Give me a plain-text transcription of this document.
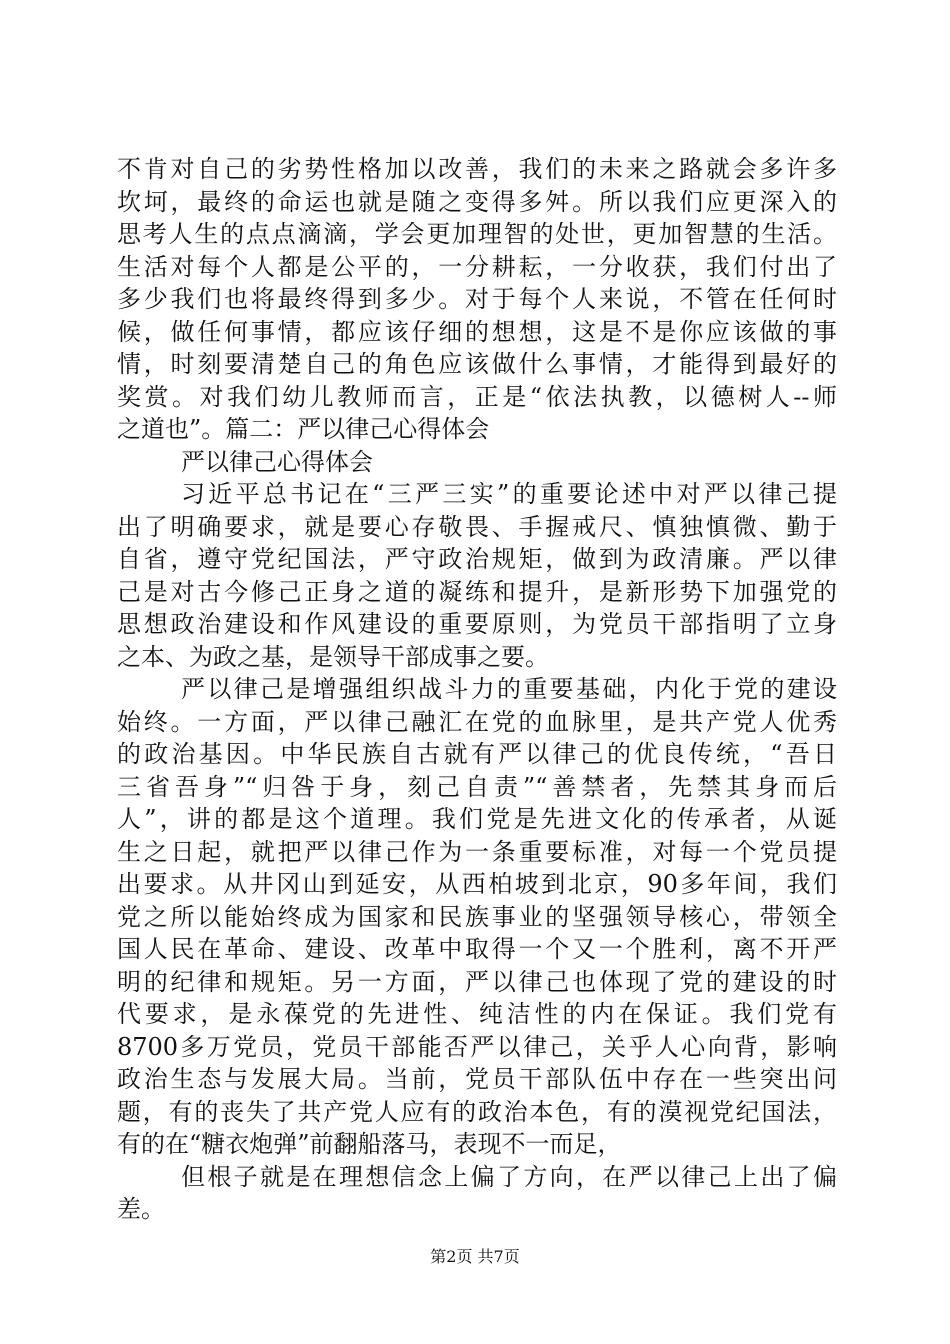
不肯对自己的劣势性格加以改善，我们的未来之路就会多许多
坎坷，最终的命运也就是随之变得多舛。所以我们应更深入的
思考人生的点点滴滴，学会更加理智的处世，更加智慧的生活。
生活对每个人都是公平的，一分耕耘，一分收获，我们付出了
多少我们也将最终得到多少。对于每个人来说，不管在任何时
候，做任何事情，都应该仔细的想想，这是不是你应该做的事
情，时刻要清楚自己的角色应该做什么事情，才能得到最好的
奖赏。对我们幼儿教师而言，正是“依法执教，以德树人--师
之道也”。篇二：严以律己心得体会
严以律己心得体会
习近平总书记在“三严三实”的重要论述中对严以律己提
出了明确要求，就是要心存敬畏、手握戒尺、慎独慎微、勤于
自省，遵守党纪国法，严守政治规矩，做到为政清廉。严以律
己是对古今修己正身之道的凝练和提升，是新形势下加强党的
思想政治建设和作风建设的重要原则，为党员干部指明了立身
之本、为政之基，是领导干部成事之要。
严以律己是增强组织战斗力的重要基础，内化于党的建设
始终。一方面，严以律己融汇在党的血脉里，是共产党人优秀
的政治基因。中华民族自古就有严以律己的优良传统，“吾日
三省吾身”“归咎于身，刻己自责”“善禁者，先禁其身而后
人”，讲的都是这个道理。我们党是先进文化的传承者，从诞
生之日起，就把严以律己作为一条重要标准，对每一个党员提
出要求。从井冈山到延安，从西柏坡到北京，90多年间，我们
党之所以能始终成为国家和民族事业的坚强领导核心，带领全
国人民在革命、建设、改革中取得一个又一个胜利，离不开严
明的纪律和规矩。另一方面，严以律己也体现了党的建设的时
代要求，是永葆党的先进性、纯洁性的内在保证。我们党有
8700多万党员，党员干部能否严以律己，关乎人心向背，影响
政治生态与发展大局。当前，党员干部队伍中存在一些突出问
题，有的丧失了共产党人应有的政治本色，有的漠视党纪国法，
有的在“糖衣炮弹”前翻船落马，表现不一而足，
但根子就是在理想信念上偏了方向，在严以律己上出了偏
差。
第2页 共7页
